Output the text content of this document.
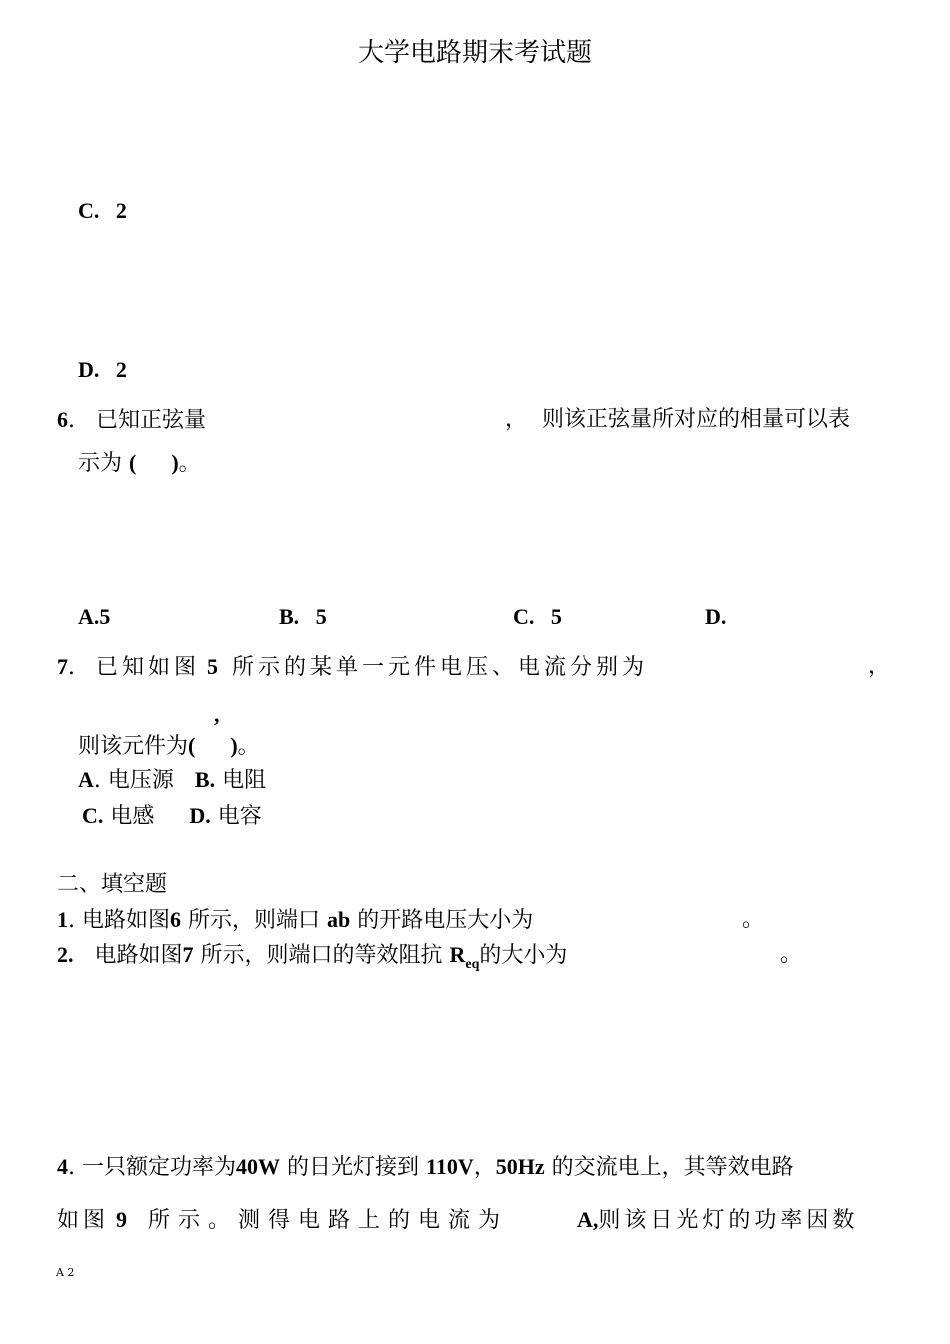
大学电路期末考试题
C. 2
D. 2
6. 已知正弦量	， 则该正弦量所对应的相量可以表
示为 ( )。
A.5	B. 5	C. 5	D.
7. 已知如图 5 所示的某单一元件电压、电流分别为	，
,
则该元件为( )。
A. 电压源 B. 电阻
C. 电感 D. 电容
二、填空题
1. 电路如图6 所示，则端口 ab 的开路电压大小为	。
2. 电路如图7 所示，则端口的等效阻抗 $R_{eq}$的大小为	。
4. 一只额定功率为40W 的日光灯接到 110V，50Hz 的交流电上，其等效电路
如图 9 所示。测得电路上的电流为	A,则该日光灯的功率因数
A 2
